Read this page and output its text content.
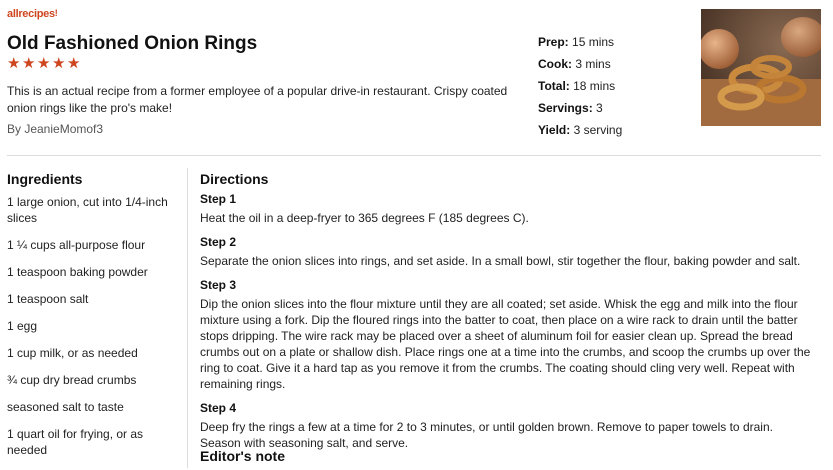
allrecipes!
Old Fashioned Onion Rings
★ ★ ★ ★ ★

This is an actual recipe from a former employee of a popular drive-in restaurant. Crispy coated onion rings like the pro's make!

By JeanieMomof3
Prep: 15 mins
Cook: 3 mins
Total: 18 mins
Servings: 3
Yield: 3 serving
Ingredients
1 large onion, cut into 1/4-inch slices
1 ¼ cups all-purpose flour
1 teaspoon baking powder
1 teaspoon salt
1 egg
1 cup milk, or as needed
¾ cup dry bread crumbs
seasoned salt to taste
1 quart oil for frying, or as needed
Directions
Step 1

Heat the oil in a deep-fryer to 365 degrees F (185 degrees C).

Step 2

Separate the onion slices into rings, and set aside. In a small bowl, stir together the flour, baking powder and salt.

Step 3

Dip the onion slices into the flour mixture until they are all coated; set aside. Whisk the egg and milk into the flour mixture using a fork. Dip the floured rings into the batter to coat, then place on a wire rack to drain until the batter stops dripping. The wire rack may be placed over a sheet of aluminum foil for easier clean up. Spread the bread crumbs out on a plate or shallow dish. Place rings one at a time into the crumbs, and scoop the crumbs up over the ring to coat. Give it a hard tap as you remove it from the crumbs. The coating should cling very well. Repeat with remaining rings.

Step 4

Deep fry the rings a few at a time for 2 to 3 minutes, or until golden brown. Remove to paper towels to drain. Season with seasoning salt, and serve.

Editor's note
